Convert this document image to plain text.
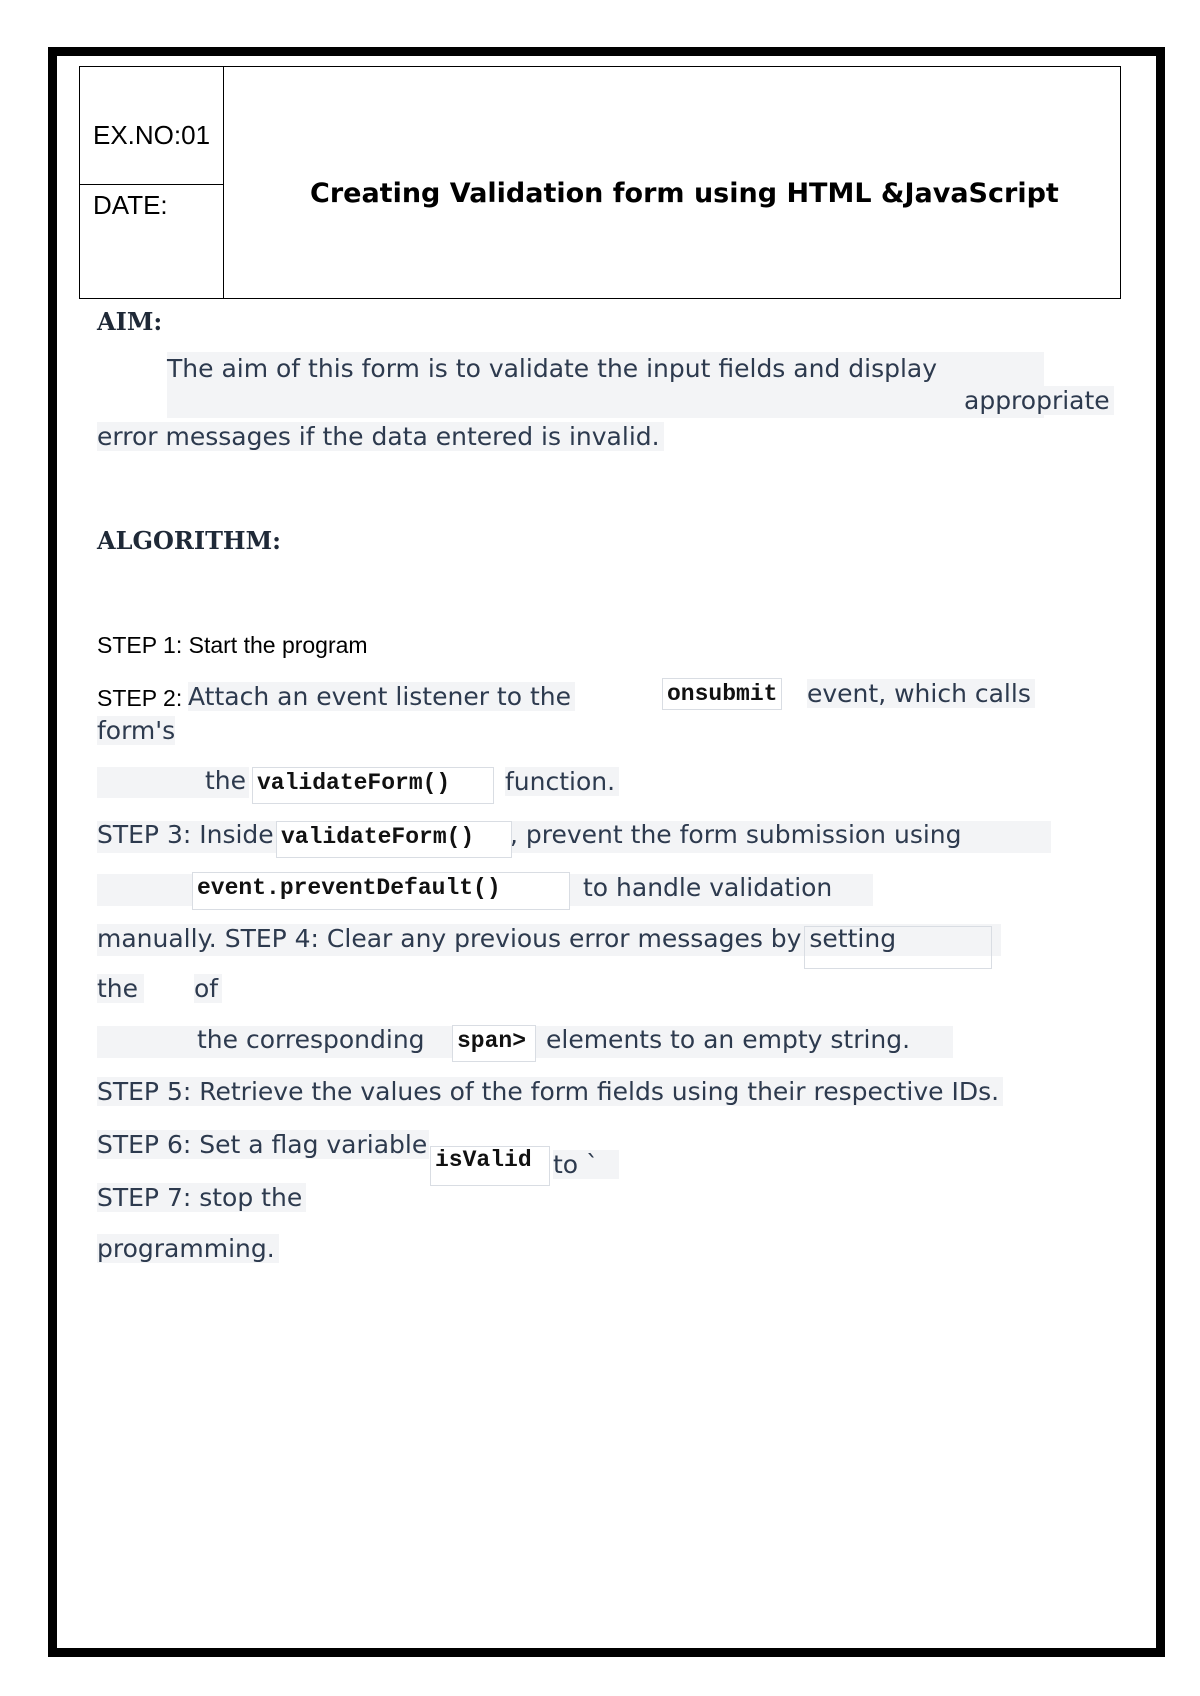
EX.NO:01
DATE:	Creating Validation form using HTML &JavaScript
AIM:
The aim of this form is to validate the input fields and display
appropriate
error messages if the data entered is invalid.
ALGORITHM:
STEP 1: Start the program
STEP 2: Attach an event listener to the	onsubmit event, which calls
form's
the validateForm()	function.
STEP 3: Inside validateForm()	, prevent the form submission using
event.preventDefault()	to handle validation
manually. STEP 4: Clear any previous error messages by setting
the of
the corresponding span> elements to an empty string.
STEP 5: Retrieve the values of the form fields using their respective IDs.
STEP 6: Set a flag variable
isValid to `
STEP 7: stop the
programming.
